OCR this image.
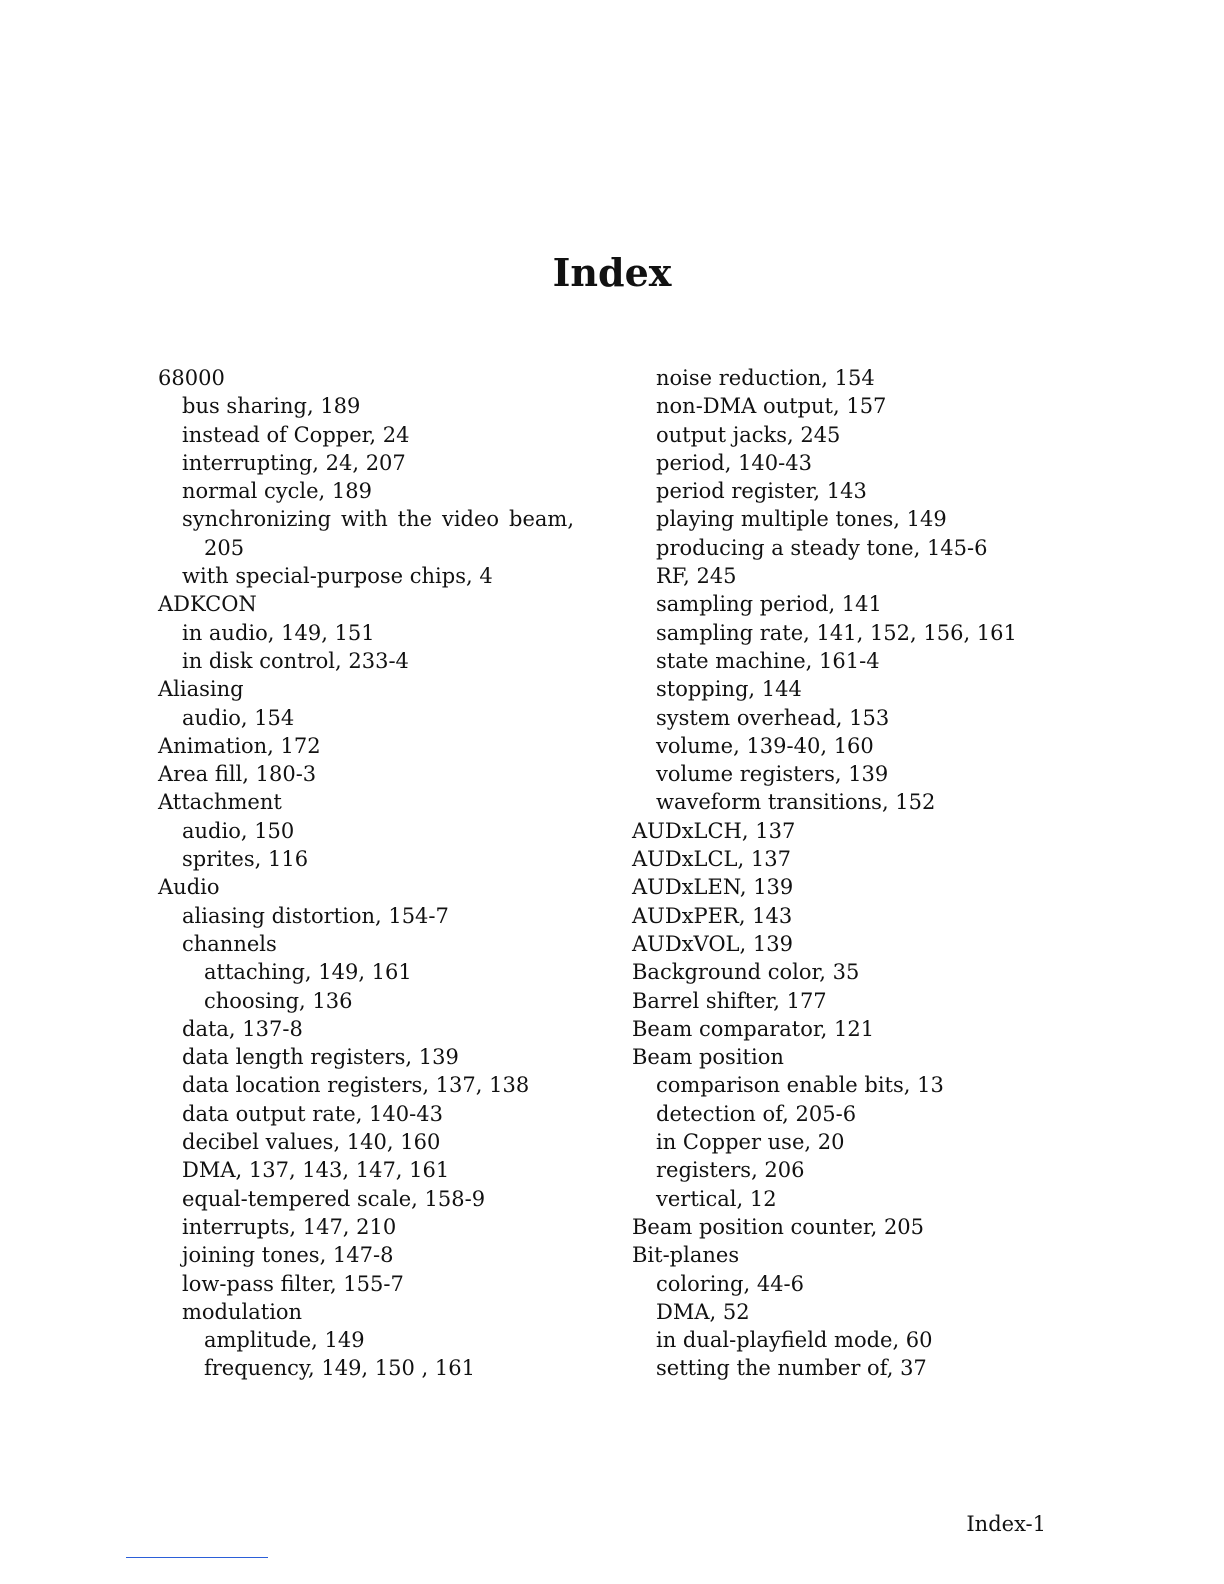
Index
68000
bus sharing, 189
instead of Copper, 24
interrupting, 24, 207
normal cycle, 189
synchronizing with the video beam,
205
with special-purpose chips, 4
ADKCON
in audio, 149, 151
in disk control, 233-4
Aliasing
audio, 154
Animation, 172
Area fill, 180-3
Attachment
audio, 150
sprites, 116
Audio
aliasing distortion, 154-7
channels
attaching, 149, 161
choosing, 136
data, 137-8
data length registers, 139
data location registers, 137, 138
data output rate, 140-43
decibel values, 140, 160
DMA, 137, 143, 147, 161
equal-tempered scale, 158-9
interrupts, 147, 210
joining tones, 147-8
low-pass filter, 155-7
modulation
amplitude, 149
frequency, 149, 150 , 161
noise reduction, 154
non-DMA output, 157
output jacks, 245
period, 140-43
period register, 143
playing multiple tones, 149
producing a steady tone, 145-6
RF, 245
sampling period, 141
sampling rate, 141, 152, 156, 161
state machine, 161-4
stopping, 144
system overhead, 153
volume, 139-40, 160
volume registers, 139
waveform transitions, 152
AUDxLCH, 137
AUDxLCL, 137
AUDxLEN, 139
AUDxPER, 143
AUDxVOL, 139
Background color, 35
Barrel shifter, 177
Beam comparator, 121
Beam position
comparison enable bits, 13
detection of, 205-6
in Copper use, 20
registers, 206
vertical, 12
Beam position counter, 205
Bit-planes
coloring, 44-6
DMA, 52
in dual-playfield mode, 60
setting the number of, 37
Index-1
